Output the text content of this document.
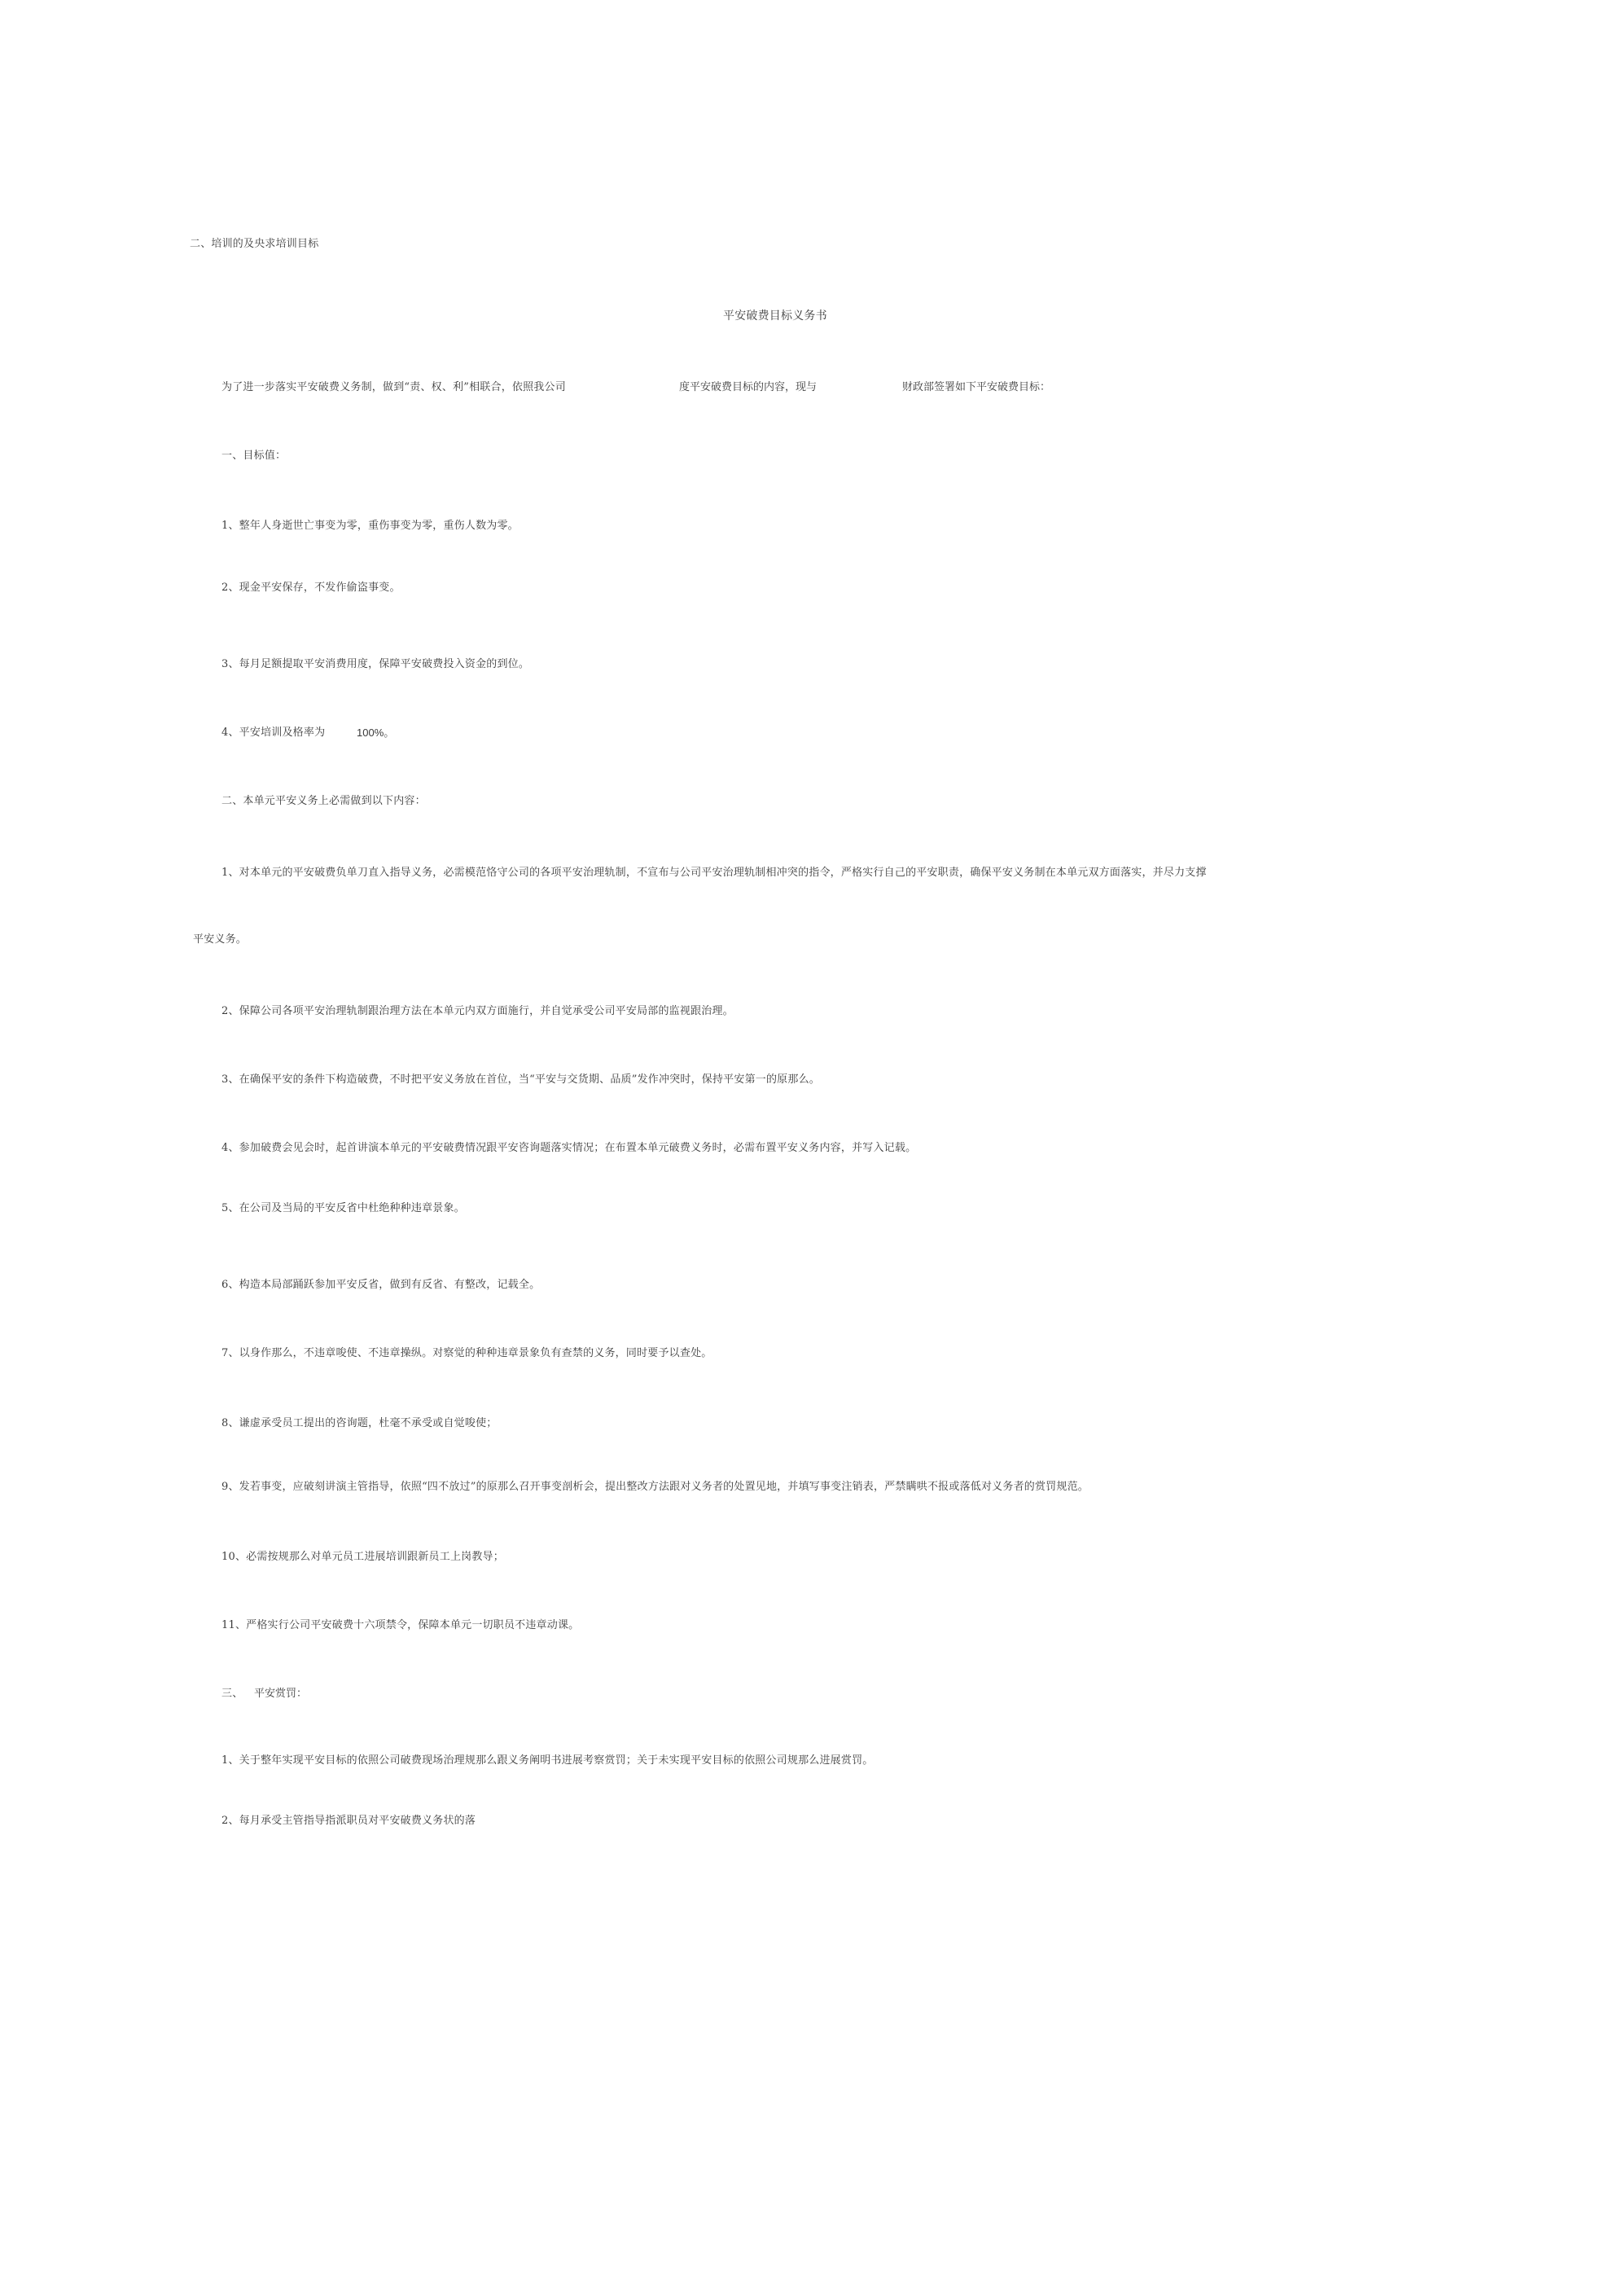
二、培训的及央求培训目标
平安破费目标义务书
为了进一步落实平安破费义务制，做到“责、权、利”相联合，依照我公司	度平安破费目标的内容，现与	财政部签署如下平安破费目标：
一、目标值：
1、整年人身逝世亡事变为零，重伤事变为零，重伤人数为零。
2、现金平安保存，不发作偷盗事变。
3、每月足额提取平安消费用度，保障平安破费投入资金的到位。
4、平安培训及格率为	100%。
二、本单元平安义务上必需做到以下内容：
1、对本单元的平安破费负单刀直入指导义务，必需模范恪守公司的各项平安治理轨制，不宣布与公司平安治理轨制相冲突的指令，严格实行自己的平安职责，确保平安义务制在本单元双方面落实，并尽力支撑
平安义务。
2、保障公司各项平安治理轨制跟治理方法在本单元内双方面施行，并自觉承受公司平安局部的监视跟治理。
3、在确保平安的条件下构造破费，不时把平安义务放在首位，当“平安与交货期、品质”发作冲突时，保持平安第一的原那么。
4、参加破费会见会时，起首讲演本单元的平安破费情况跟平安咨询题落实情况；在布置本单元破费义务时，必需布置平安义务内容，并写入记载。
5、在公司及当局的平安反省中杜绝种种违章景象。
6、构造本局部踊跃参加平安反省，做到有反省、有整改，记载全。
7、以身作那么，不违章唆使、不违章操纵。对察觉的种种违章景象负有查禁的义务，同时要予以查处。
8、谦虚承受员工提出的咨询题，杜毫不承受或自觉唆使；
9、发若事变，应破刻讲演主管指导，依照“四不放过”的原那么召开事变剖析会，提出整改方法跟对义务者的处置见地，并填写事变注销表，严禁瞒哄不报或落低对义务者的赏罚规范。
10、必需按规那么对单元员工进展培训跟新员工上岗教导；
11、严格实行公司平安破费十六项禁令，保障本单元一切职员不违章动课。
三、 平安赏罚：
1、关于整年实现平安目标的依照公司破费现场治理规那么跟义务阐明书进展考察赏罚；关于未实现平安目标的依照公司规那么进展赏罚。
2、每月承受主管指导指派职员对平安破费义务状的落
